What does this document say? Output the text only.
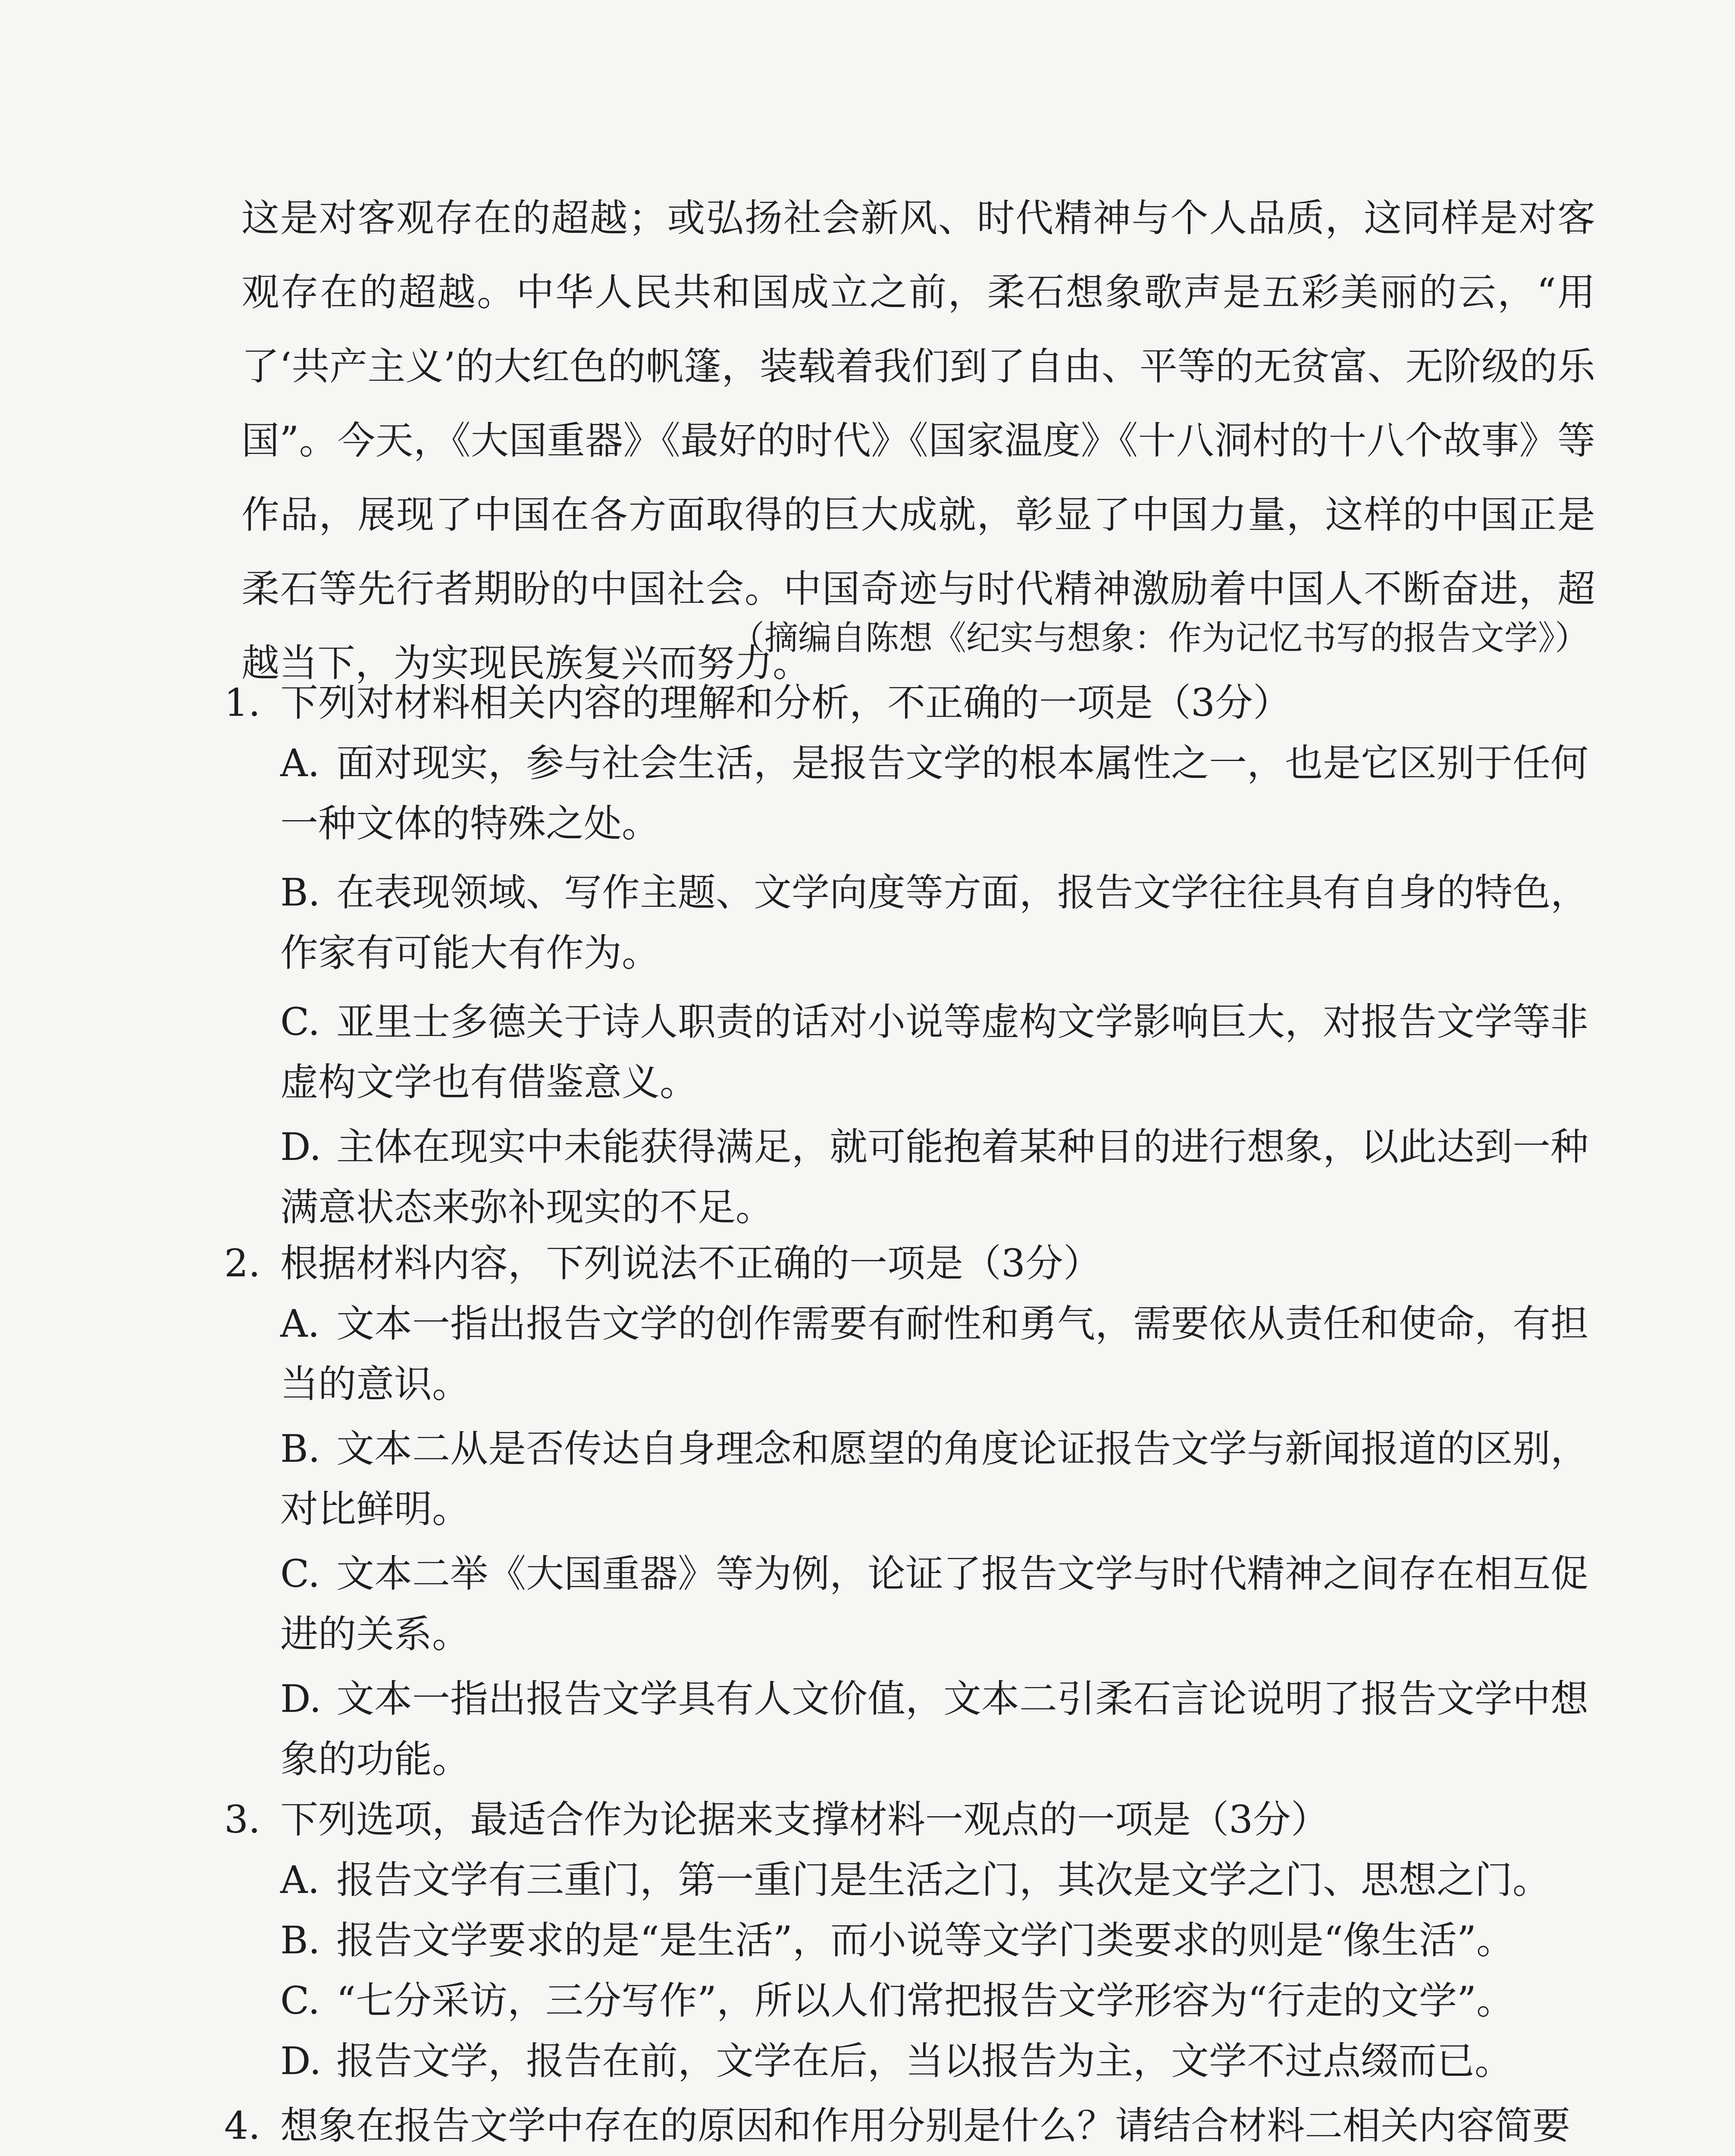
这是对客观存在的超越；或弘扬社会新风、时代精神与个人品质，这同样是对客观存在的超越。中华人民共和国成立之前，柔石想象歌声是五彩美丽的云，“用了‘共产主义’的大红色的帆篷，装载着我们到了自由、平等的无贫富、无阶级的乐国”。今天，《大国重器》《最好的时代》《国家温度》《十八洞村的十八个故事》等作品，展现了中国在各方面取得的巨大成就，彰显了中国力量，这样的中国正是柔石等先行者期盼的中国社会。中国奇迹与时代精神激励着中国人不断奋进，超越当下，为实现民族复兴而努力。

（摘编自陈想《纪实与想象：作为记忆书写的报告文学》）

1. 下列对材料相关内容的理解和分析，不正确的一项是（3分）

A. 面对现实，参与社会生活，是报告文学的根本属性之一，也是它区别于任何一种文体的特殊之处。
B. 在表现领域、写作主题、文学向度等方面，报告文学往往具有自身的特色，作家有可能大有作为。
C. 亚里士多德关于诗人职责的话对小说等虚构文学影响巨大，对报告文学等非虚构文学也有借鉴意义。
D. 主体在现实中未能获得满足，就可能抱着某种目的进行想象，以此达到一种满意状态来弥补现实的不足。

2. 根据材料内容，下列说法不正确的一项是（3分）

A. 文本一指出报告文学的创作需要有耐性和勇气，需要依从责任和使命，有担当的意识。
B. 文本二从是否传达自身理念和愿望的角度论证报告文学与新闻报道的区别，对比鲜明。
C. 文本二举《大国重器》等为例，论证了报告文学与时代精神之间存在相互促进的关系。
D. 文本一指出报告文学具有人文价值，文本二引柔石言论说明了报告文学中想象的功能。

3. 下列选项，最适合作为论据来支撑材料一观点的一项是（3分）

A. 报告文学有三重门，第一重门是生活之门，其次是文学之门、思想之门。
B. 报告文学要求的是“是生活”，而小说等文学门类要求的则是“像生活”。
C. “七分采访，三分写作”，所以人们常把报告文学形容为“行走的文学”。
D. 报告文学，报告在前，文学在后，当以报告为主，文学不过点缀而已。

4. 想象在报告文学中存在的原因和作用分别是什么？请结合材料二相关内容简要
